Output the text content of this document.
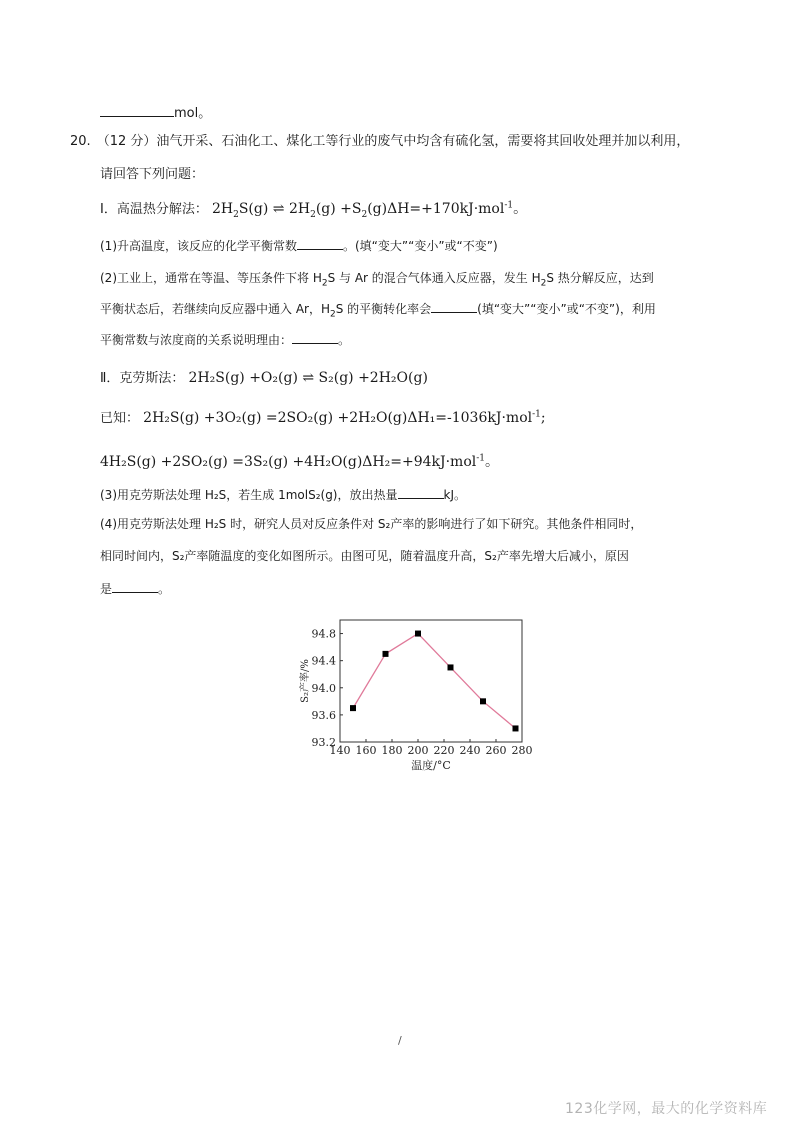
mol。
20. （12 分）油气开采、石油化工、煤化工等行业的废气中均含有硫化氢，需要将其回收处理并加以利用，
请回答下列问题：
Ⅰ．高温热分解法： $2H_2S(g)$ ⇌ $2H_2(g) +S_2(g)\Delta H=+170kJ\cdot mol^{-1}$。
(1)升高温度，该反应的化学平衡常数	。(填“变大”“变小”或“不变”)
(2)工业上，通常在等温、等压条件下将 $H_2S$ 与 Ar 的混合气体通入反应器，发生 $H_2S$ 热分解反应，达到
平衡状态后，若继续向反应器中通入 Ar，$H_2S$ 的平衡转化率会	(填“变大”“变小”或“不变”)，利用
平衡常数与浓度商的关系说明理由：	。
Ⅱ．克劳斯法： 2H₂S(g) +O₂(g) ⇌ S₂(g) +2H₂O(g)
已知： 2H₂S(g) +3O₂(g) =2SO₂(g) +2H₂O(g)ΔH₁=-1036kJ·mol$^{-1}$;
4H₂S(g) +2SO₂(g) =3S₂(g) +4H₂O(g)ΔH₂=+94kJ·mol$^{-1}$。
(3)用克劳斯法处理 H₂S，若生成 1molS₂(g)，放出热量	kJ。
(4)用克劳斯法处理 H₂S 时，研究人员对反应条件对 S₂产率的影响进行了如下研究。其他条件相同时，
相同时间内，S₂产率随温度的变化如图所示。由图可见，随着温度升高，S₂产率先增大后减小，原因
是	。
140 160 180 200 220 240 260 280
93.2
93.6
94.0
94.4
94.8
温度/°C
S₂产率/%
/
123化学网，最大的化学资料库
